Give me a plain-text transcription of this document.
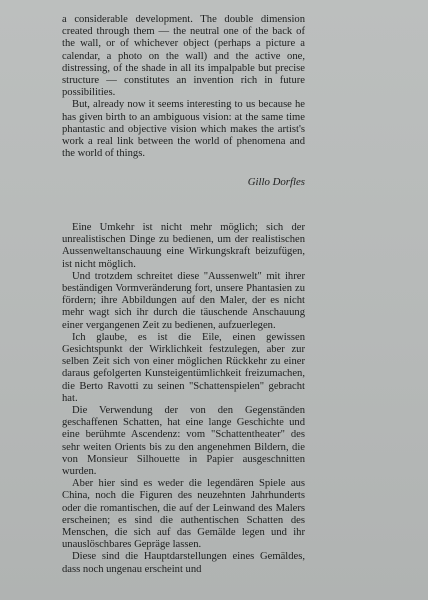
a considerable development. The double dimension created through them — the neutral one of the back of the wall, or of whichever object (perhaps a picture a calendar, a photo on the wall) and the active one, distressing, of the shade in all its impalpable but precise structure — constitutes an invention rich in future possibilities.

But, already now it seems interesting to us because he has given birth to an ambiguous vision: at the same time phantastic and objective vision which makes the artist's work a real link between the world of phenomena and the world of things.

Gillo Dorfles

Eine Umkehr ist nicht mehr möglich; sich der unrealistischen Dinge zu bedienen, um der realistischen Aussenweltanschauung eine Wirkungskraft beizufügen, ist nicht möglich.

Und trotzdem schreitet diese "Aussenwelt" mit ihrer beständigen Vormveränderung fort, unsere Phantasien zu fördern; ihre Abbildungen auf den Maler, der es nicht mehr wagt sich ihr durch die täuschende Anschauung einer vergangenen Zeit zu bedienen, aufzuerlegen.

Ich glaube, es ist die Eile, einen gewissen Gesichtspunkt der Wirklichkeit festzulegen, aber zur selben Zeit sich von einer möglichen Rückkehr zu einer daraus gefolgerten Kunsteigentümlichkeit freizumachen, die Berto Ravotti zu seinen "Schattenspielen" gebracht hat.

Die Verwendung der von den Gegenständen geschaffenen Schatten, hat eine lange Geschichte und eine berühmte Ascendenz: vom "Schattentheater" des sehr weiten Orients bis zu den angenehmen Bildern, die von Monsieur Silhouette in Papier ausgeschnitten wurden.

Aber hier sind es weder die legendären Spiele aus China, noch die Figuren des neuzehnten Jahrhunderts oder die romantischen, die auf der Leinwand des Malers erscheinen; es sind die authentischen Schatten des Menschen, die sich auf das Gemälde legen und ihr unauslöschbares Gepräge lassen.

Diese sind die Hauptdarstellungen eines Gemäldes, dass noch ungenau erscheint und
